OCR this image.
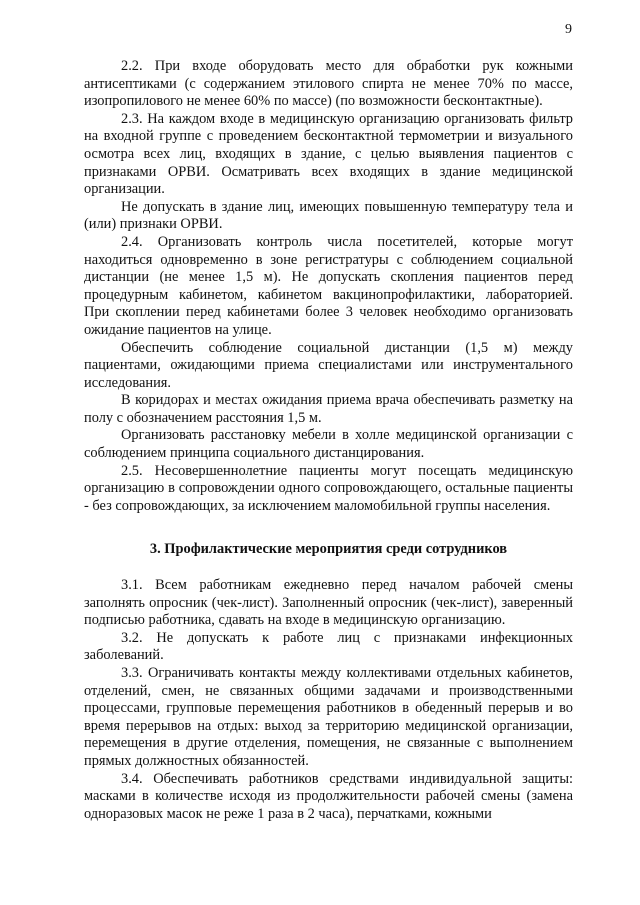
9

2.2. При входе оборудовать место для обработки рук кожными антисептиками (с содержанием этилового спирта не менее 70% по массе, изопропилового не менее 60% по массе) (по возможности бесконтактные).

2.3. На каждом входе в медицинскую организацию организовать фильтр на входной группе с проведением бесконтактной термометрии и визуального осмотра всех лиц, входящих в здание, с целью выявления пациентов с признаками ОРВИ. Осматривать всех входящих в здание медицинской организации.

Не допускать в здание лиц, имеющих повышенную температуру тела и (или) признаки ОРВИ.

2.4. Организовать контроль числа посетителей, которые могут находиться одновременно в зоне регистратуры с соблюдением социальной дистанции (не менее 1,5 м). Не допускать скопления пациентов перед процедурным кабинетом, кабинетом вакцинопрофилактики, лабораторией. При скоплении перед кабинетами более 3 человек необходимо организовать ожидание пациентов на улице.

Обеспечить соблюдение социальной дистанции (1,5 м) между пациентами, ожидающими приема специалистами или инструментального исследования.

В коридорах и местах ожидания приема врача обеспечивать разметку на полу с обозначением расстояния 1,5 м.

Организовать расстановку мебели в холле медицинской организации с соблюдением принципа социального дистанцирования.

2.5. Несовершеннолетние пациенты могут посещать медицинскую организацию в сопровождении одного сопровождающего, остальные пациенты - без сопровождающих, за исключением маломобильной группы населения.

3. Профилактические мероприятия среди сотрудников

3.1. Всем работникам ежедневно перед началом рабочей смены заполнять опросник (чек-лист). Заполненный опросник (чек-лист), заверенный подписью работника, сдавать на входе в медицинскую организацию.

3.2. Не допускать к работе лиц с признаками инфекционных заболеваний.

3.3. Ограничивать контакты между коллективами отдельных кабинетов, отделений, смен, не связанных общими задачами и производственными процессами, групповые перемещения работников в обеденный перерыв и во время перерывов на отдых: выход за территорию медицинской организации, перемещения в другие отделения, помещения, не связанные с выполнением прямых должностных обязанностей.

3.4. Обеспечивать работников средствами индивидуальной защиты: масками в количестве исходя из продолжительности рабочей смены (замена одноразовых масок не реже 1 раза в 2 часа), перчатками, кожными
